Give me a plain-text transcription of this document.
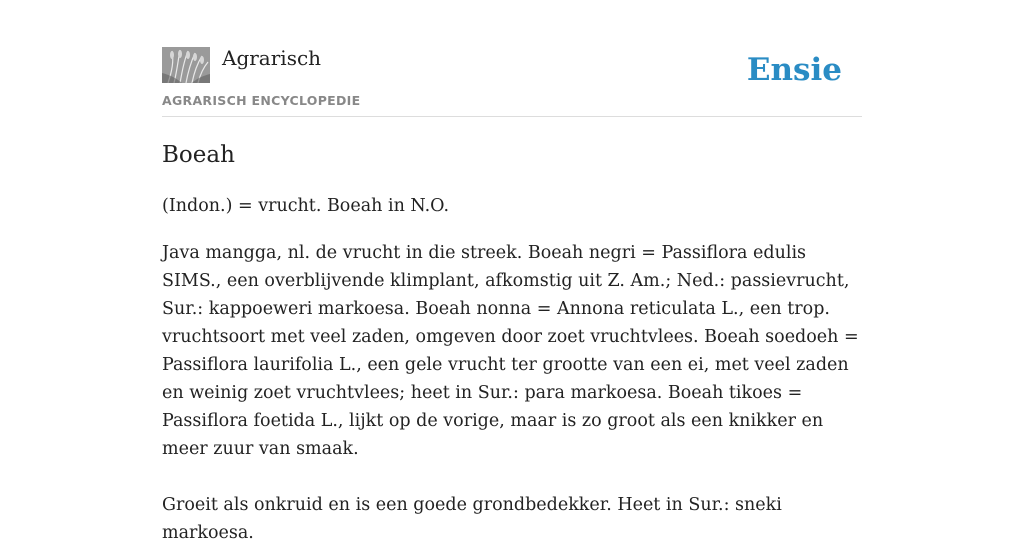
Agrarisch
AGRARISCH ENCYCLOPEDIE
Ensie
Boeah

(Indon.) = vrucht. Boeah in N.O.

Java mangga, nl. de vrucht in die streek. Boeah negri = Passiflora edulis SIMS., een overblijvende klimplant, afkomstig uit Z. Am.; Ned.: passievrucht, Sur.: kappoeweri markoesa. Boeah nonna = Annona reticulata L., een trop. vruchtsoort met veel zaden, omgeven door zoet vruchtvlees. Boeah soedoeh = Passiflora laurifolia L., een gele vrucht ter grootte van een ei, met veel zaden en weinig zoet vruchtvlees; heet in Sur.: para markoesa. Boeah tikoes = Passiflora foetida L., lijkt op de vorige, maar is zo groot als een knikker en meer zuur van smaak.

Groeit als onkruid en is een goede grondbedekker. Heet in Sur.: sneki markoesa.
